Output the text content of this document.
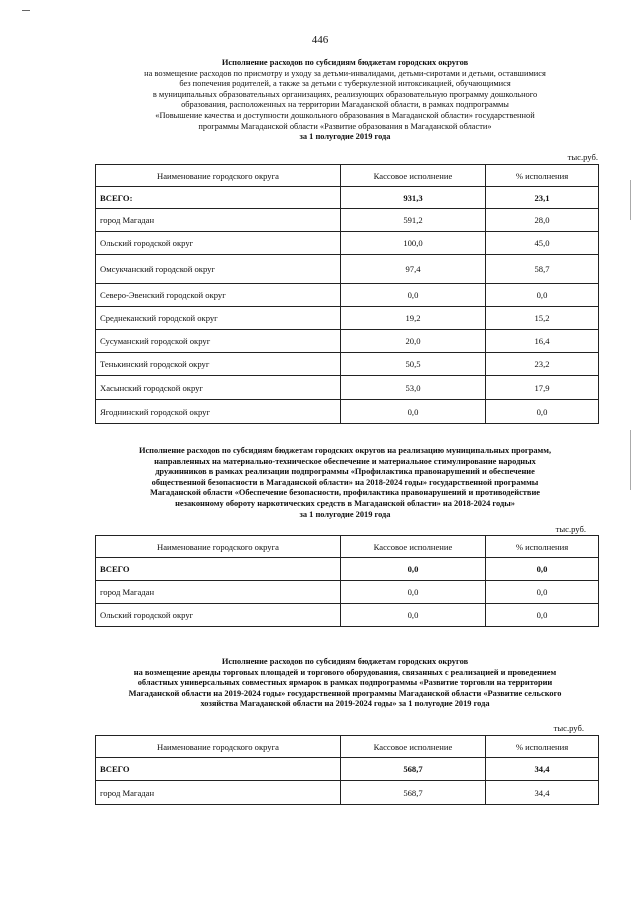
446
Исполнение расходов по субсидиям бюджетам городских округов
на возмещение расходов по присмотру и уходу за детьми-инвалидами, детьми-сиротами и детьми, оставшимися
без попечения родителей, а также за детьми с туберкулезной интоксикацией, обучающимися
в муниципальных образовательных организациях, реализующих образовательную программу дошкольного
образования, расположенных на территории Магаданской области, в рамках подпрограммы
«Повышение качества и доступности дошкольного образования в Магаданской области» государственной
программы Магаданской области «Развитие образования в Магаданской области»
за 1 полугодие 2019 года
тыс.руб.
Наименование городского округа	Кассовое исполнение	% исполнения
ВСЕГО:	931,3	23,1
город Магадан	591,2	28,0
Ольский городской округ	100,0	45,0
Омсукчанский городской округ	97,4	58,7
Северо-Эвенский городской округ	0,0	0,0
Среднеканский городской округ	19,2	15,2
Сусуманский городской округ	20,0	16,4
Тенькинский городской округ	50,5	23,2
Хасынский городской округ	53,0	17,9
Ягоднинский городской округ	0,0	0,0
Исполнение расходов по субсидиям бюджетам городских округов на реализацию муниципальных программ,
направленных на материально-техническое обеспечение и материальное стимулирование народных
дружинников в рамках реализации подпрограммы «Профилактика правонарушений и обеспечение
общественной безопасности в Магаданской области» на 2018-2024 годы» государственной программы
Магаданской области «Обеспечение безопасности, профилактика правонарушений и противодействие
незаконному обороту наркотических средств в Магаданской области» на 2018-2024 годы»
за 1 полугодие 2019 года
тыс.руб.
Наименование городского округа	Кассовое исполнение	% исполнения
ВСЕГО	0,0	0,0
город Магадан	0,0	0,0
Ольский городской округ	0,0	0,0
Исполнение расходов по субсидиям бюджетам городских округов
на возмещение аренды торговых площадей и торгового оборудования, связанных с реализацией и проведением
областных универсальных совместных ярмарок в рамках подпрограммы «Развитие торговли на территории
Магаданской области на 2019-2024 годы» государственной программы Магаданской области «Развитие сельского
хозяйства Магаданской области на 2019-2024 годы» за 1 полугодие 2019 года
тыс.руб.
Наименование городского округа	Кассовое исполнение	% исполнения
ВСЕГО	568,7	34,4
город Магадан	568,7	34,4
